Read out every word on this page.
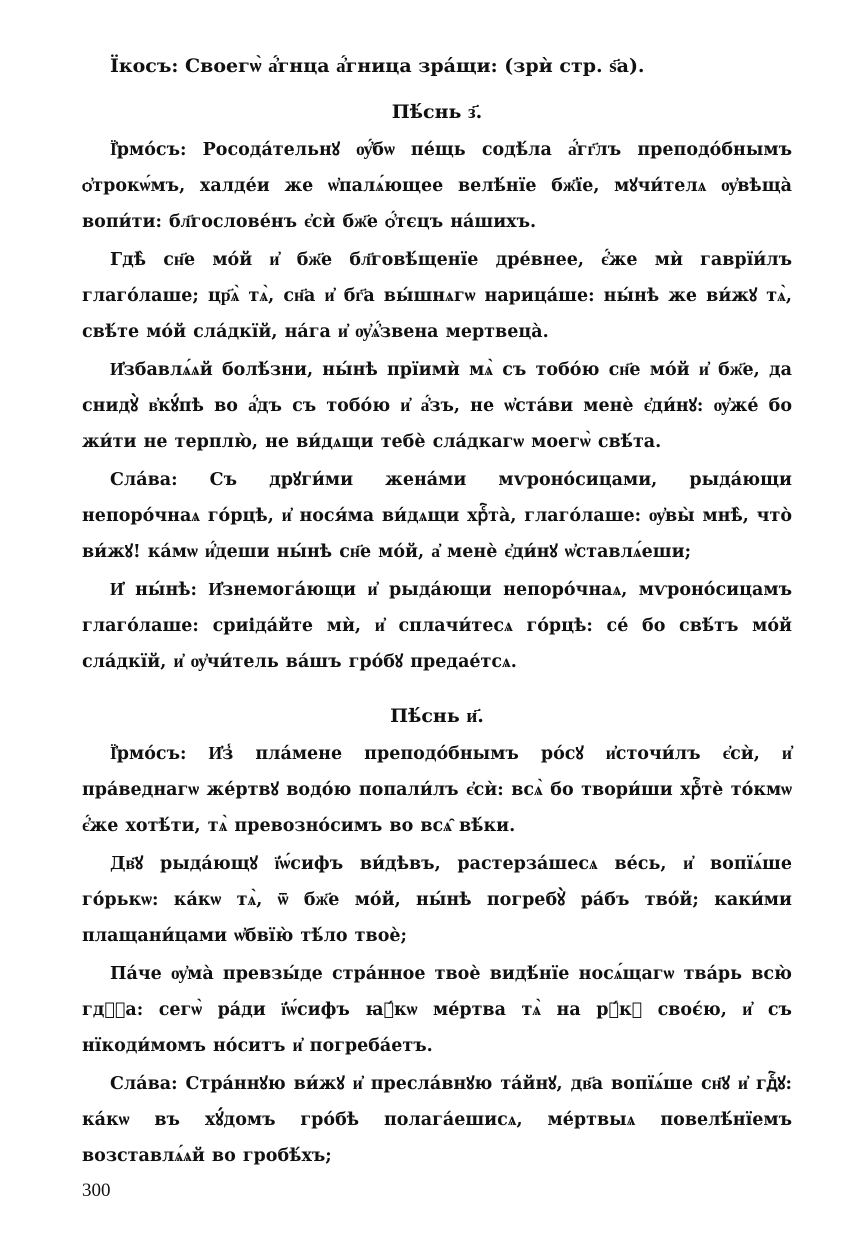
Їкосъ: Своегѡ̀ а҆́гнца а҆́гница зра́щи: (зрѝ стр. ѕ҃а).
Пѣ́снь з҃.

Ї҆рмо́съ: Росода́тельнꙋ ѹ҆́бѡ пе́щь содѣ́ла а҆́гг҃лъ преподо́бнымъ ѻ҆трокѡ́мъ, халде́и же ѡ҆палѧ́ющее велѣ́нїе бж҃їе, мꙋчи́телѧ ѹ҆вѣща̀ вопи́ти: бл҃гослове́нъ є҆сѝ бж҃е ѻ҆́тєцъ на́шихъ.

Гдѣ̀ сн҃е мо́й и҆ бж҃е бл҃говѣ́щенїе дре́внее, є҆́же мѝ гаврїи́лъ глаго́лаше; цр҃ѧ̀ тѧ̀, сн҃а и҆ бг҃а вы́шнѧгѡ нарица́ше: ны́нѣ же ви́жꙋ тѧ̀, свѣ́те мо́й сла́дкїй, на́га и҆ ѹ҆ѧ҆́звена мертвеца̀.

И҆збавлѧ́ѧй болѣ́зни, ны́нѣ прїимѝ мѧ̀ съ тобо́ю сн҃е мо́й и҆ бж҃е, да снидꙋ̀ в҆кꙋ́пѣ во а҆́дъ съ тобо́ю и҆ а҆́зъ, не ѡ҆ста́ви менѐ є҆ди́нꙋ: ѹ҆же́ бо жи́ти не терплю̀, не ви́дѧщи тебѐ сла́дкагѡ моегѡ̀ свѣ́та.

Сла́ва: Съ дрꙋги́ми жена́ми мѵроно́сицами, рыда́ющи непоро́чнаѧ го́рцѣ, и҆ нося́ма ви́дѧщи хрⷭ҇та̀, глаго́лаше: ѹ҆вы̀ мнѣ̀, что̀ ви́жꙋ! ка́мѡ и҆́деши ны́нѣ сн҃е мо́й, а҆ менѐ є҆ди́нꙋ ѡ҆ставлѧ́еши;

И҆ ны́нѣ: И҆знемога́ющи и҆ рыда́ющи непоро́чнаѧ, мѵроно́сицамъ глаго́лаше: сриіда́йте мѝ, и҆ сплачи́тесѧ го́рцѣ: се́ бо свѣ́тъ мо́й сла́дкїй, и҆ ѹ҆чи́тель ва́шъ гро́бꙋ предае́тсѧ.

Пѣ́снь и҃.

Ї҆рмо́съ: И҆з̾ пла́мене преподо́бнымъ ро́сꙋ и҆сточи́лъ є҆сѝ, и҆ пра́веднагѡ же́ртвꙋ водо́ю попали́лъ є҆сѝ: всѧ̀ бо твори́ши хрⷭ҇тѐ то́кмѡ є҆́же хотѣ́ти, тѧ̀ превозно́симъ во всѧ̑ вѣ́ки.

Дв҃ꙋ рыда́ющꙋ ї҆ѡ́сифъ ви́дѣвъ, растерза́шесѧ ве́сь, и҆ вопїѧ́ше го́рькѡ: ка́кѡ тѧ̀, ѿ бж҃е мо́й, ны́нѣ погребꙋ̀ ра́бъ тво́й; каки́ми плащани́цами ѡ҆бвїю̀ тѣ́ло твоѐ;

Па́че ѹ҆ма̀ превзы́де стра́нное твоѐ видѣ́нїе носѧ́щагѡ тва́рь всю̀ гдⷭ҇а: сегѡ̀ ра́ди ї҆ѡ́сифъ ꙗ҆́кѡ ме́ртва тѧ̀ на рꙋ́кꙋ своє́ю, и҆ съ нїкоди́момъ но́ситъ и҆ погреба́етъ.

Сла́ва: Стра́ннꙋю ви́жꙋ и҆ пресла́внꙋю та́йнꙋ, дв҃а вопїѧ́ше сн҃ꙋ и҆ гдⷭ҇ꙋ: ка́кѡ въ хꙋ́домъ гро́бѣ полага́ешисѧ, ме́ртвыѧ повелѣ́нїемъ возставлѧ́ѧй во гробѣ́хъ;

300
